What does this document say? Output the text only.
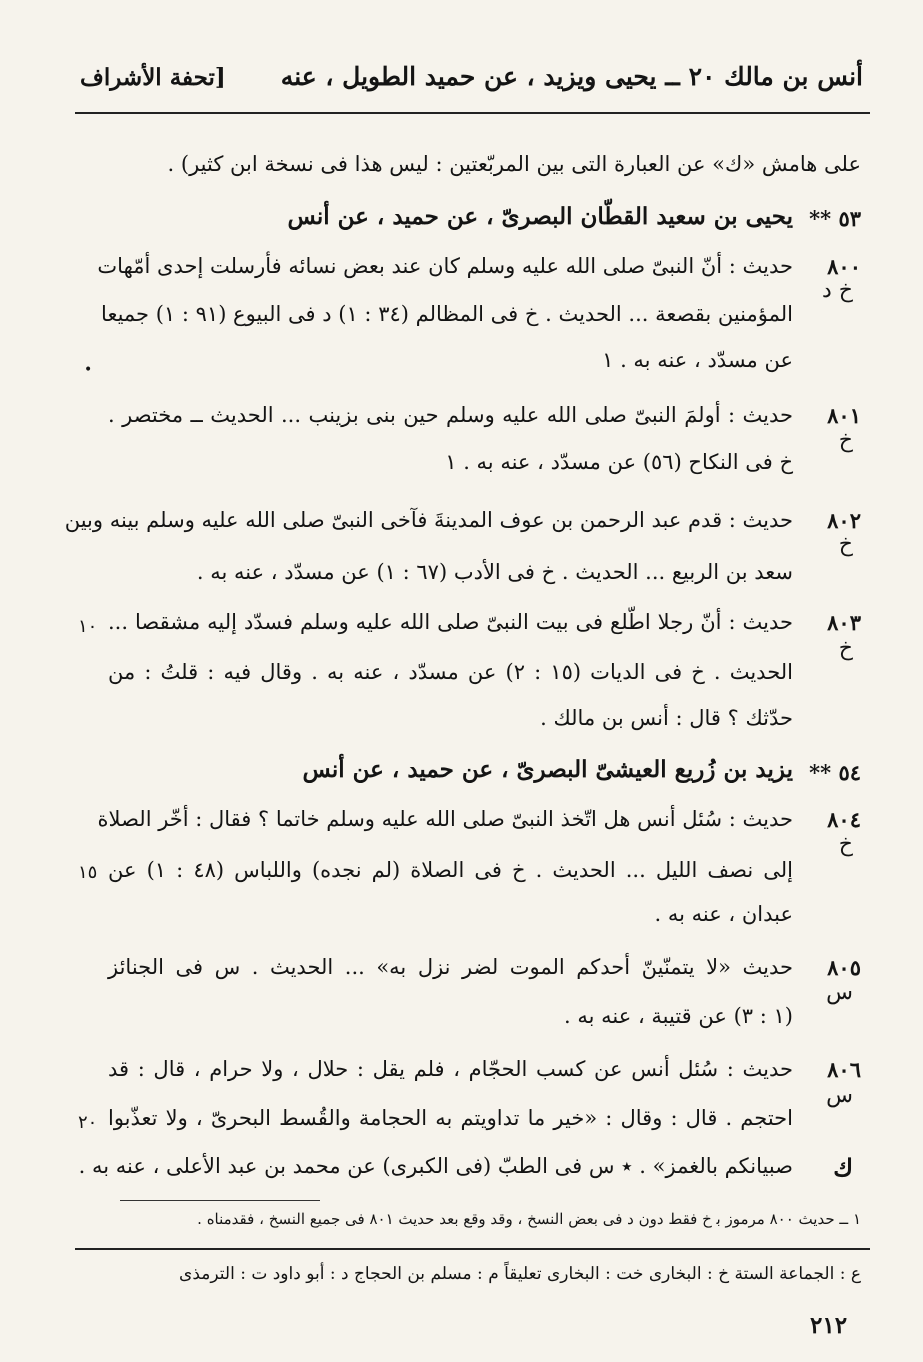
أنس بن مالك ٢٠ ــ يحيى ويزيد ، عن حميد الطويل ، عنه
[تحفة الأشراف
على هامش «ك» عن العبارة التى بين المربّعتين : ليس هذا فى نسخة ابن كثير) .
٥٣ **
يحيى بن سعيد القطّان البصرىّ ، عن حميد ، عن أنس
٨٠٠
خ د
حديث : أنّ النبىّ صلى الله عليه وسلم كان عند بعض نسائه فأرسلت إحدى أمّهات
المؤمنين بقصعة ... الحديث . خ فى المظالم (٣٤ : ١) د فى البيوع (٩١ : ١) جميعا
عن مسدّد ، عنه به . ١
•
٨٠١
خ
حديث : أولمَ النبىّ صلى الله عليه وسلم حين بنى بزينب ... الحديث ــ مختصر .
خ فى النكاح (٥٦) عن مسدّد ، عنه به . ١
٨٠٢
خ
حديث : قدم عبد الرحمن بن عوف المدينةَ فآخى النبىّ صلى الله عليه وسلم بينه وبين
سعد بن الربيع ... الحديث . خ فى الأدب (٦٧ : ١) عن مسدّد ، عنه به .
٨٠٣
خ
حديث : أنّ رجلا اطّلع فى بيت النبىّ صلى الله عليه وسلم فسدّد إليه مشقصا ...
الحديث . خ فى الديات (١٥ : ٢) عن مسدّد ، عنه به . وقال فيه : قلتُ : من
حدّثك ؟ قال : أنس بن مالك .
١٠
٥٤ **
يزيد بن زُريع العيشىّ البصرىّ ، عن حميد ، عن أنس
٨٠٤
خ
حديث : سُئل أنس هل اتّخذ النبىّ صلى الله عليه وسلم خاتما ؟ فقال : أخّر الصلاة
إلى نصف الليل ... الحديث . خ فى الصلاة (لم نجده) واللباس (٤٨ : ١) عن
عبدان ، عنه به .
١٥
٨٠٥
س
حديث «لا يتمنّينّ أحدكم الموت لضر نزل به» ... الحديث . س فى الجنائز
(١ : ٣) عن قتيبة ، عنه به .
٨٠٦
س
ك
حديث : سُئل أنس عن كسب الحجّام ، فلم يقل : حلال ، ولا حرام ، قال : قد
احتجم . قال : وقال : «خير ما تداويتم به الحجامة والقُسط البحرىّ ، ولا تعذّبوا
صبيانكم بالغمز» . ٭ س فى الطبّ (فى الكبرى) عن محمد بن عبد الأعلى ، عنه به .
٢٠
١ ــ حديث ٨٠٠ مرموز ب‍ خ فقط دون د فى بعض النسخ ، وقد وقع بعد حديث ٨٠١ فى جميع النسخ ، فقدمناه .
ع : الجماعة الستة خ : البخارى خت : البخارى تعليقاً م : مسلم بن الحجاج د : أبو داود ت : الترمذى
٢١٢
